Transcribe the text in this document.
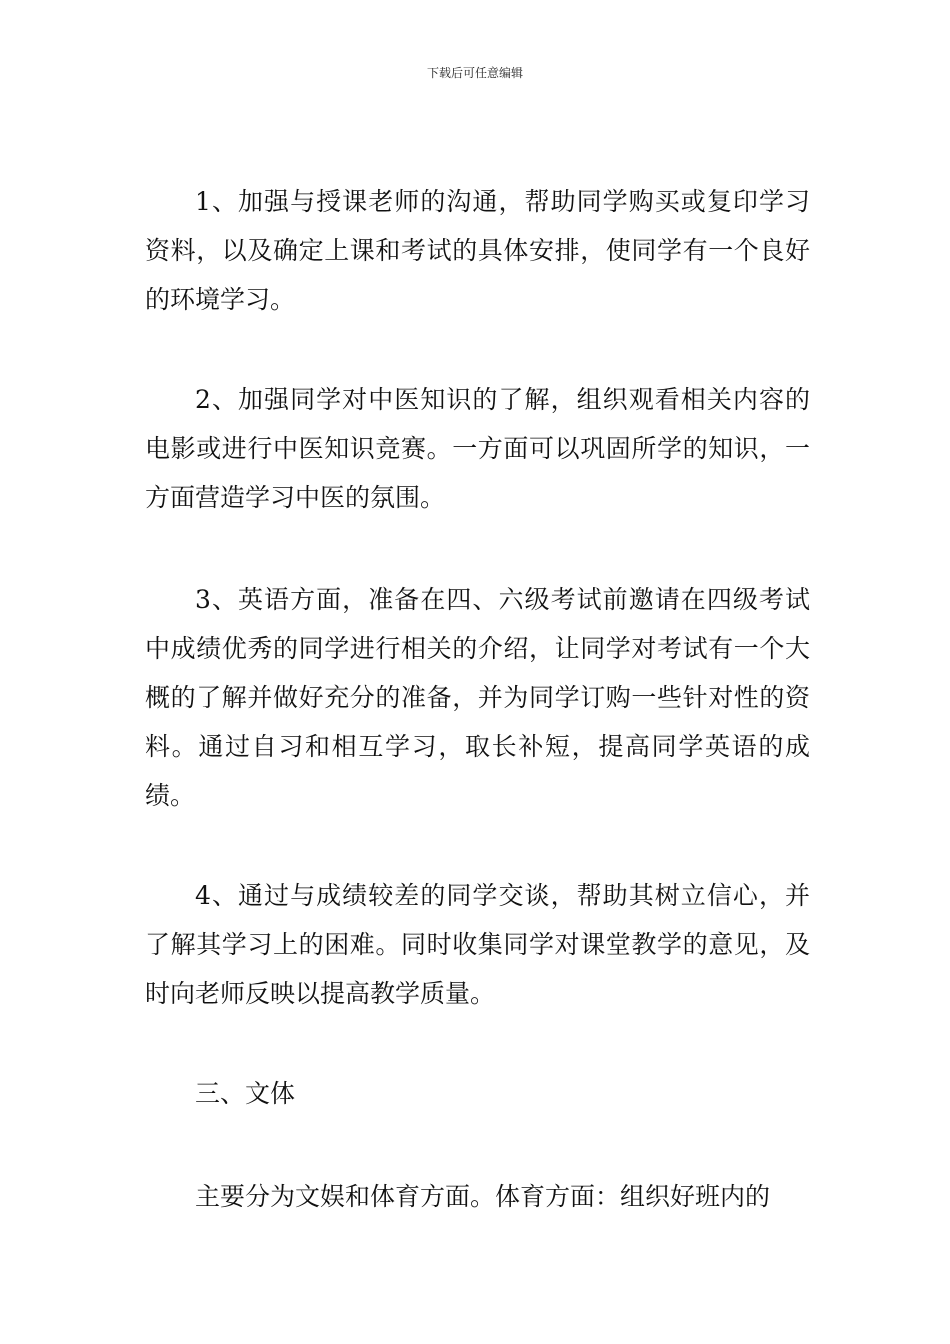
下载后可任意编辑

1、加强与授课老师的沟通，帮助同学购买或复印学习资料，以及确定上课和考试的具体安排，使同学有一个良好的环境学习。

2、加强同学对中医知识的了解，组织观看相关内容的电影或进行中医知识竞赛。一方面可以巩固所学的知识，一方面营造学习中医的氛围。

3、英语方面，准备在四、六级考试前邀请在四级考试中成绩优秀的同学进行相关的介绍，让同学对考试有一个大概的了解并做好充分的准备，并为同学订购一些针对性的资料。通过自习和相互学习，取长补短，提高同学英语的成绩。

4、通过与成绩较差的同学交谈，帮助其树立信心，并了解其学习上的困难。同时收集同学对课堂教学的意见，及时向老师反映以提高教学质量。

三、文体

主要分为文娱和体育方面。体育方面：组织好班内的
